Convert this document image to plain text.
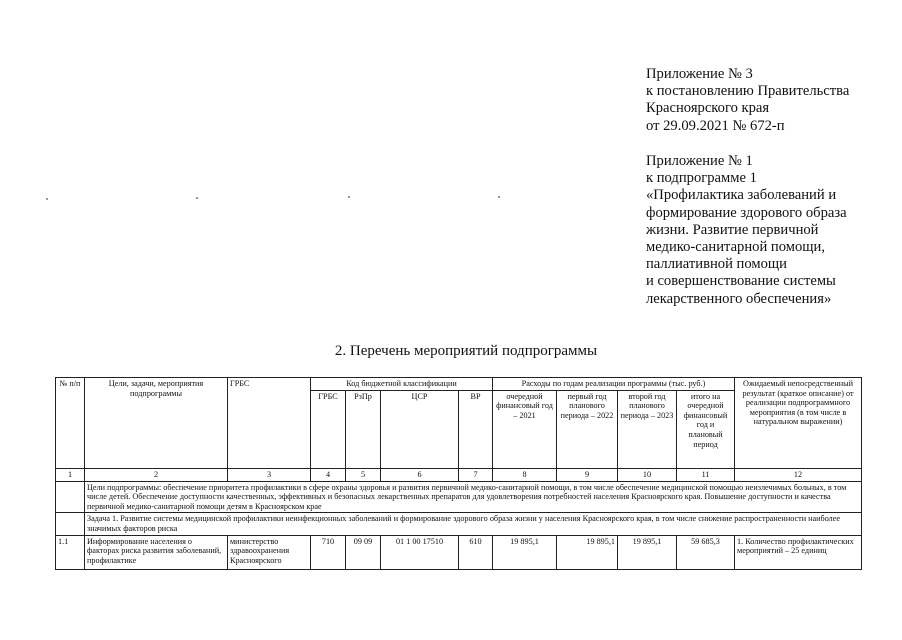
Приложение № 3
к постановлению Правительства
Красноярского края
от 29.09.2021 № 672-п
Приложение № 1
к подпрограмме 1
«Профилактика заболеваний и
формирование здорового образа
жизни. Развитие первичной
медико-санитарной помощи,
паллиативной помощи
и совершенствование системы
лекарственного обеспечения»
2. Перечень мероприятий подпрограммы
№ п/п	Цели, задачи, мероприятия подпрограммы	ГРБС	Код бюджетной классификации				Расходы по годам реализации программы (тыс. руб.)				Ожидаемый непосредственный результат (краткое описание) от реализации подпрограммного мероприятия (в том числе в натуральном выражении)
			ГРБС	РзПр	ЦСР	ВР	очередной финансовый год – 2021	первый год планового периода – 2022	второй год планового периода – 2023	итого на очередной финансовый год и плановый период	
1	2	3	4	5	6	7	8	9	10	11	12
	Цели подпрограммы: обеспечение приоритета профилактики в сфере охраны здоровья и развития первичной медико-санитарной помощи, в том числе обеспечение медицинской помощью неизлечимых больных, в том числе детей. Обеспечение доступности качественных, эффективных и безопасных лекарственных препаратов для удовлетворения потребностей населения Красноярского края. Повышение доступности и качества первичной медико-санитарной помощи детям в Красноярском крае										
	Задача 1. Развитие системы медицинской профилактики неинфекционных заболеваний и формирование здорового образа жизни у населения Красноярского края, в том числе снижение распространенности наиболее значимых факторов риска										
1.1	Информирование населения о факторах риска развития заболеваний, профилактике	министерство здравоохранения Красноярского	710	09 09	01 1 00 17510	610	19 895,1	19 895,1	19 895,1	59 685,3	1. Количество профилактических мероприятий – 25 единиц
